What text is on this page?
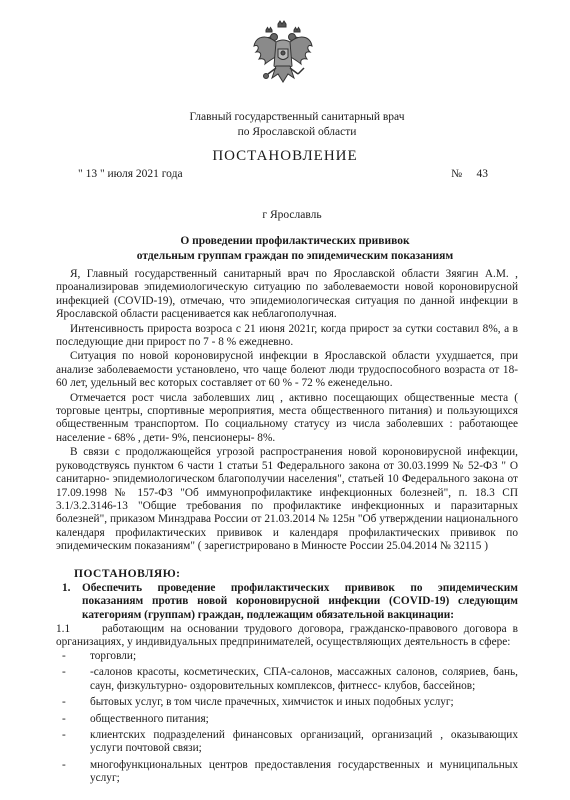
Главный государственный санитарный врач
по Ярославской области
ПОСТАНОВЛЕНИЕ
" 13 " июля 2021 года	№ 43
г Ярославль
О проведении профилактических прививок
отдельным группам граждан по эпидемическим показаниям

Я, Главный государственный санитарный врач по Ярославской области Зяягин А.М. , проанализировав эпидемиологическую ситуацию по заболеваемости новой короновирусной инфекцией (COVID-19), отмечаю, что эпидемиологическая ситуация по данной инфекции в Ярославской области расценивается как неблагополучная.

Интенсивность прироста возроса с 21 июня 2021г, когда прирост за сутки составил 8%, а в последующие дни прирост по 7 - 8 % ежедневно.

Ситуация по новой короновирусной инфекции в Ярославской области ухудшается, при анализе заболеваемости установлено, что чаще болеют люди трудоспособного возраста от 18-60 лет, удельный вес которых составляет от 60 % - 72 % еженедельно.

Отмечается рост числа заболевших лиц , активно посещающих общественные места ( торговые центры, спортивные мероприятия, места общественного питания) и пользующихся общественным транспортом. По социальному статусу из числа заболевших : работающее население - 68% , дети- 9%, пенсионеры- 8%.

В связи с продолжающейся угрозой распространения новой короновирусной инфекции, руководствуясь пунктом 6 части 1 статьи 51 Федерального закона от 30.03.1999 № 52-ФЗ " О санитарно- эпидемиологическом благополучии населения", статьей 10 Федерального закона от 17.09.1998 № 157-ФЗ "Об иммунопрофилактике инфекционных болезней", п. 18.3 СП 3.1/3.2.3146-13 "Общие требования по профилактике инфекционных и паразитарных болезней", приказом Минздрава России от 21.03.2014 № 125н "Об утверждении национального календаря профилактических прививок и календаря профилактических прививок по эпидемическим показаниям" ( зарегистрировано в Минюсте России 25.04.2014 № 32115 )

ПОСТАНОВЛЯЮ:
1. Обеспечить проведение профилактических прививок по эпидемическим показаниям против новой короновирусной инфекции (COVID-19) следующим категориям (группам) граждан, подлежащим обязательной вакцинации:
1.1	работающим на основании трудового договора, гражданско-правового договора в организациях, у индивидуальных предпринимателей, осуществляющих деятельность в сфере:
- торговли;
- -салонов красоты, косметических, СПА-салонов, массажных салонов, соляриев, бань, саун, физкультурно- оздоровительных комплексов, фитнесс- клубов, бассейнов;
- бытовых услуг, в том числе прачечных, химчисток и иных подобных услуг;
- общественного питания;
- клиентских подразделений финансовых организаций, организаций , оказывающих услуги почтовой связи;
- многофункциональных центров предоставления государственных и муниципальных услуг;
